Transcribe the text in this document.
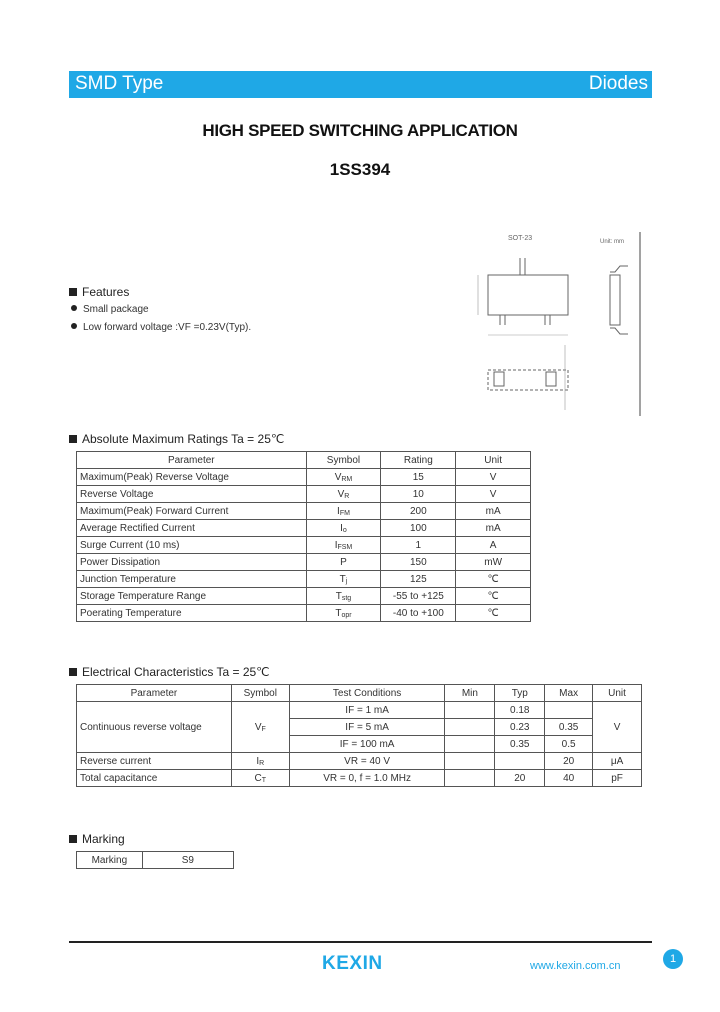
SMD Type	Diodes
HIGH SPEED SWITCHING APPLICATION
1SS394
Features
Small package
Low forward voltage :VF =0.23V(Typ).
SOT-23	Unit: mm
Absolute Maximum Ratings Ta = 25℃
Parameter	Symbol	Rating	Unit
Maximum(Peak) Reverse Voltage	$V_{RM}$	15	V
Reverse Voltage	$V_R$	10	V
Maximum(Peak) Forward Current	$I_{FM}$	200	mA
Average Rectified Current	$I_o$	100	mA
Surge Current (10 ms)	$I_{FSM}$	1	A
Power Dissipation	P	150	mW
Junction Temperature	$T_j$	125	℃
Storage Temperature Range	$T_{stg}$	-55 to +125	℃
Poerating Temperature	$T_{opr}$	-40 to +100	℃
Electrical Characteristics Ta = 25℃
Parameter	Symbol	Test Conditions	Min	Typ	Max	Unit
Continuous reverse voltage	$V_F$	IF = 1 mA		0.18		V
		IF = 5 mA		0.23	0.35	
		IF = 100 mA		0.35	0.5	
Reverse current	$I_R$	VR = 40 V			20	μA
Total capacitance	$C_T$	VR = 0, f = 1.0 MHz		20	40	pF
Marking
Marking	S9
KEXIN	www.kexin.com.cn
1
